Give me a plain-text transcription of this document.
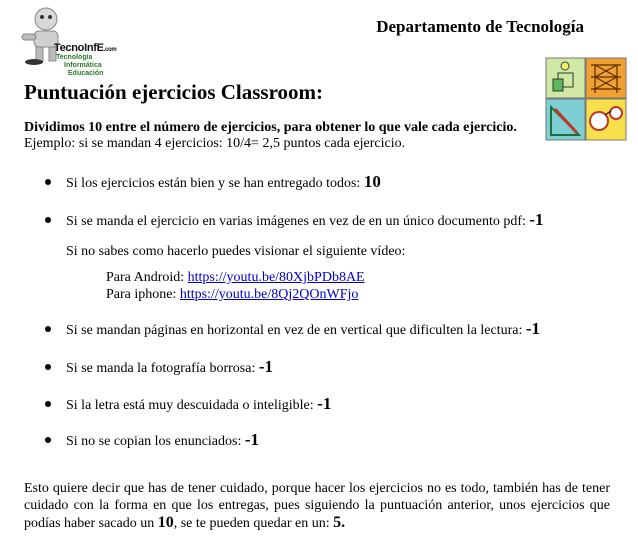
TecnoInfE.com
Tecnología
Informática
Educación
Departamento de Tecnología
Puntuación ejercicios Classroom:
Dividimos 10 entre el número de ejercicios, para obtener lo que vale cada ejercicio.
Ejemplo: si se mandan 4 ejercicios: 10/4= 2,5 puntos cada ejercicio.
Si los ejercicios están bien y se han entregado todos: 10
Si se manda el ejercicio en varias imágenes en vez de en un único documento pdf: -1
Si no sabes como hacerlo puedes visionar el siguiente vídeo:
Para Android: https://youtu.be/80XjbPDb8AE
Para iphone: https://youtu.be/8Qj2QOnWFjo
Si se mandan páginas en horizontal en vez de en vertical que dificulten la lectura: -1
Si se manda la fotografía borrosa: -1
Si la letra está muy descuidada o inteligible: -1
Si no se copian los enunciados: -1
Esto quiere decir que has de tener cuidado, porque hacer los ejercicios no es todo, también has de tener cuidado con la forma en que los entregas, pues siguiendo la puntuación anterior, unos ejercicios que podías haber sacado un 10, se te pueden quedar en un: 5.
